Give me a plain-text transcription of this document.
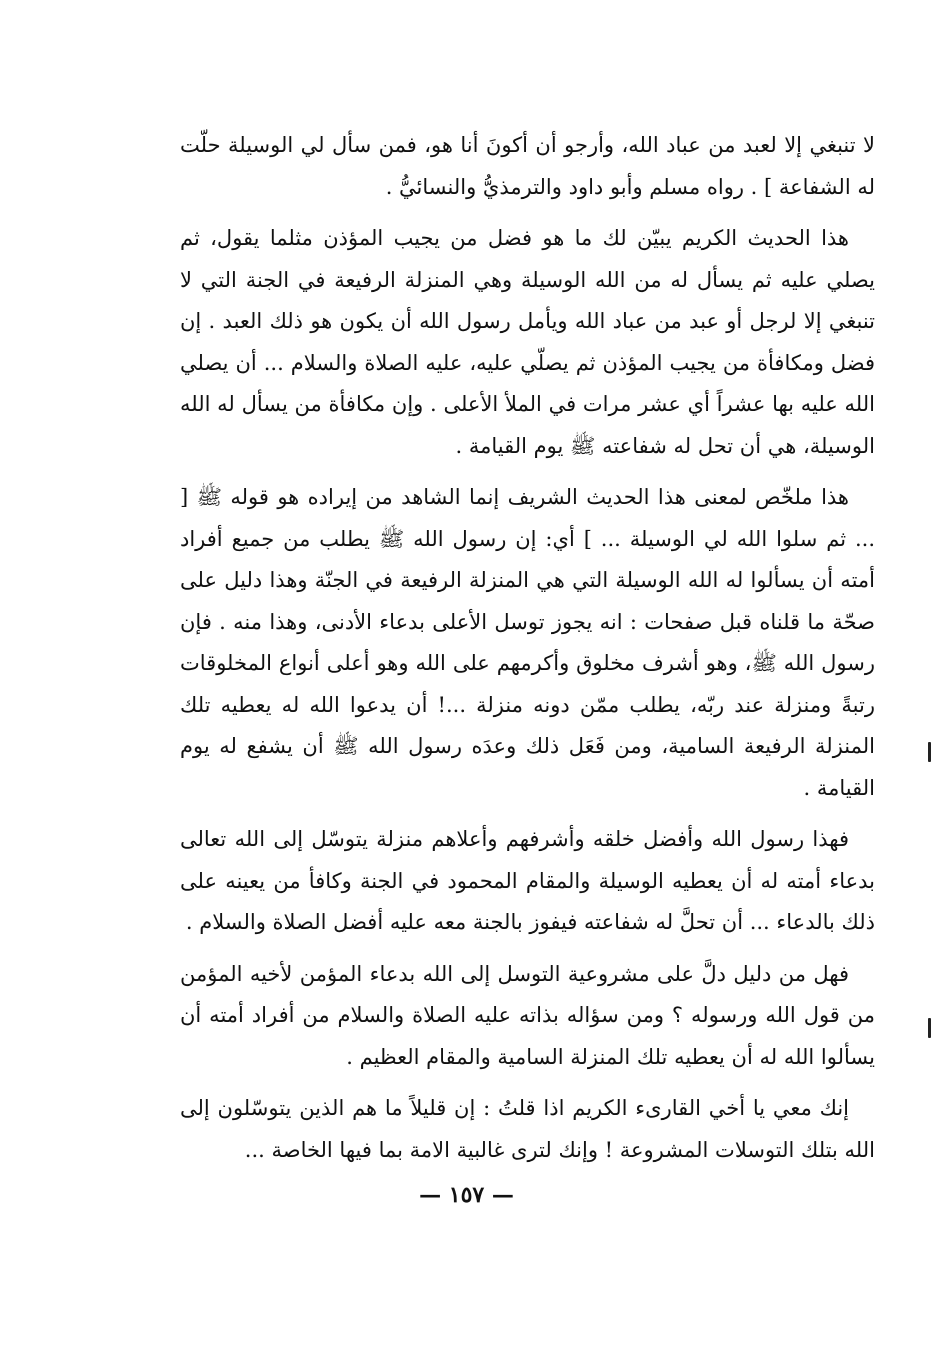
لا تنبغي إلا لعبد من عباد الله، وأرجو أن أكونَ أنا هو، فمن سأل لي الوسيلة حلّت له الشفاعة ] . رواه مسلم وأبو داود والترمذيُّ والنسائيُّ .

هذا الحديث الكريم يبيّن لك ما هو فضل من يجيب المؤذن مثلما يقول، ثم يصلي عليه ثم يسأل له من الله الوسيلة وهي المنزلة الرفيعة في الجنة التي لا تنبغي إلا لرجل أو عبد من عباد الله ويأمل رسول الله أن يكون هو ذلك العبد . إن فضل ومكافأة من يجيب المؤذن ثم يصلّي عليه، عليه الصلاة والسلام ... أن يصلي الله عليه بها عشراً أي عشر مرات في الملأ الأعلى . وإن مكافأة من يسأل له الله الوسيلة، هي أن تحل له شفاعته ﷺ يوم القيامة .

هذا ملخّص لمعنى هذا الحديث الشريف إنما الشاهد من إيراده هو قوله ﷺ [ ... ثم سلوا الله لي الوسيلة ... ] أي: إن رسول الله ﷺ يطلب من جميع أفراد أمته أن يسألوا له الله الوسيلة التي هي المنزلة الرفيعة في الجنّة وهذا دليل على صحّة ما قلناه قبل صفحات : انه يجوز توسل الأعلى بدعاء الأدنى، وهذا منه . فإن رسول الله ﷺ، وهو أشرف مخلوق وأكرمهم على الله وهو أعلى أنواع المخلوقات رتبةً ومنزلة عند ربّه، يطلب ممّن دونه منزلة ...! أن يدعوا الله له يعطيه تلك المنزلة الرفيعة السامية، ومن فَعَل ذلك وعدَه رسول الله ﷺ أن يشفع له يوم القيامة .

فهذا رسول الله وأفضل خلقه وأشرفهم وأعلاهم منزلة يتوسّل إلى الله تعالى بدعاء أمته له أن يعطيه الوسيلة والمقام المحمود في الجنة وكافأ من يعينه على ذلك بالدعاء ... أن تحلَّ له شفاعته فيفوز بالجنة معه عليه أفضل الصلاة والسلام .

فهل من دليل دلَّ على مشروعية التوسل إلى الله بدعاء المؤمن لأخيه المؤمن من قول الله ورسوله ؟ ومن سؤاله بذاته عليه الصلاة والسلام من أفراد أمته أن يسألوا الله له أن يعطيه تلك المنزلة السامية والمقام العظيم .

إنك معي يا أخي القارىء الكريم اذا قلتُ : إن قليلاً ما هم الذين يتوسّلون إلى الله بتلك التوسلات المشروعة ! وإنك لترى غالبية الامة بما فيها الخاصة ...

— ١٥٧ —
